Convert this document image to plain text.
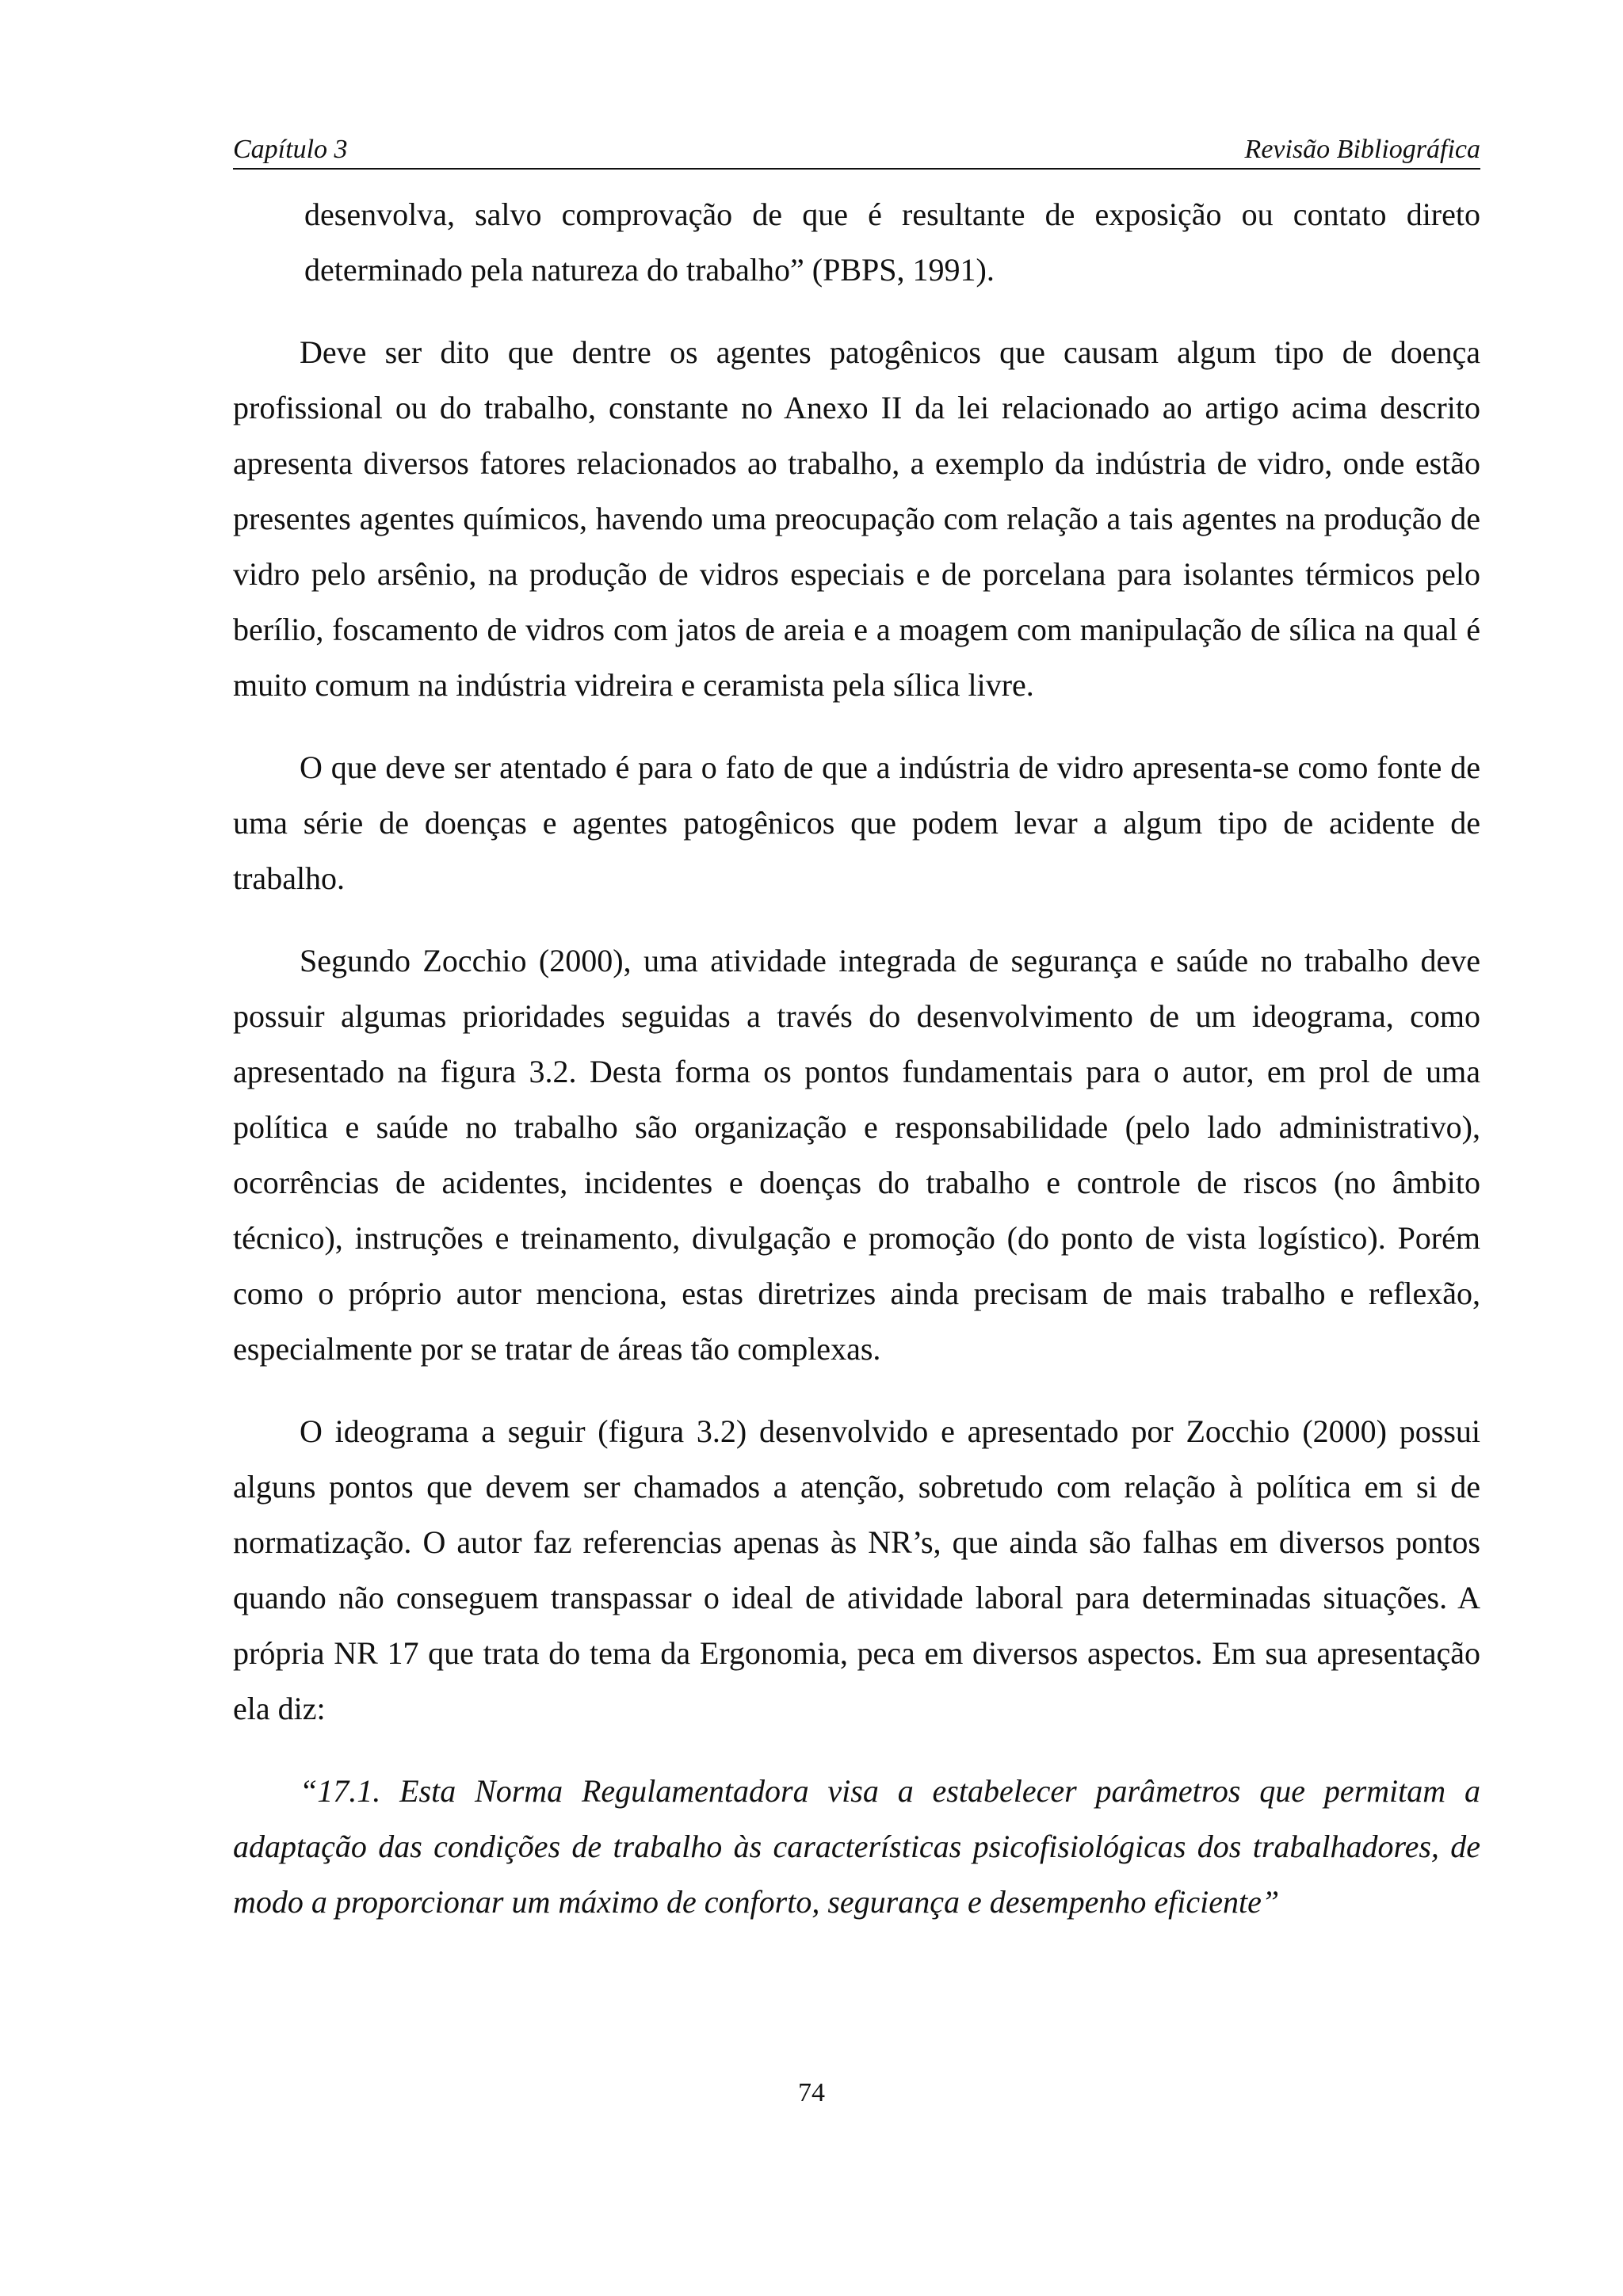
Capítulo 3	Revisão Bibliográfica

desenvolva, salvo comprovação de que é resultante de exposição ou contato direto determinado pela natureza do trabalho” (PBPS, 1991).

Deve ser dito que dentre os agentes patogênicos que causam algum tipo de doença profissional ou do trabalho, constante no Anexo II da lei relacionado ao artigo acima descrito apresenta diversos fatores relacionados ao trabalho, a exemplo da indústria de vidro, onde estão presentes agentes químicos, havendo uma preocupação com relação a tais agentes na produção de vidro pelo arsênio, na produção de vidros especiais e de porcelana para isolantes térmicos pelo berílio, foscamento de vidros com jatos de areia e a moagem com manipulação de sílica na qual é muito comum na indústria vidreira e ceramista pela sílica livre.

O que deve ser atentado é para o fato de que a indústria de vidro apresenta-se como fonte de uma série de doenças e agentes patogênicos que podem levar a algum tipo de acidente de trabalho.

Segundo Zocchio (2000), uma atividade integrada de segurança e saúde no trabalho deve possuir algumas prioridades seguidas a través do desenvolvimento de um ideograma, como apresentado na figura 3.2. Desta forma os pontos fundamentais para o autor, em prol de uma política e saúde no trabalho são organização e responsabilidade (pelo lado administrativo), ocorrências de acidentes, incidentes e doenças do trabalho e controle de riscos (no âmbito técnico), instruções e treinamento, divulgação e promoção (do ponto de vista logístico). Porém como o próprio autor menciona, estas diretrizes ainda precisam de mais trabalho e reflexão, especialmente por se tratar de áreas tão complexas.

O ideograma a seguir (figura 3.2) desenvolvido e apresentado por Zocchio (2000) possui alguns pontos que devem ser chamados a atenção, sobretudo com relação à política em si de normatização. O autor faz referencias apenas às NR’s, que ainda são falhas em diversos pontos quando não conseguem transpassar o ideal de atividade laboral para determinadas situações. A própria NR 17 que trata do tema da Ergonomia, peca em diversos aspectos. Em sua apresentação ela diz:

“17.1. Esta Norma Regulamentadora visa a estabelecer parâmetros que permitam a adaptação das condições de trabalho às características psicofisiológicas dos trabalhadores, de modo a proporcionar um máximo de conforto, segurança e desempenho eficiente”

74
